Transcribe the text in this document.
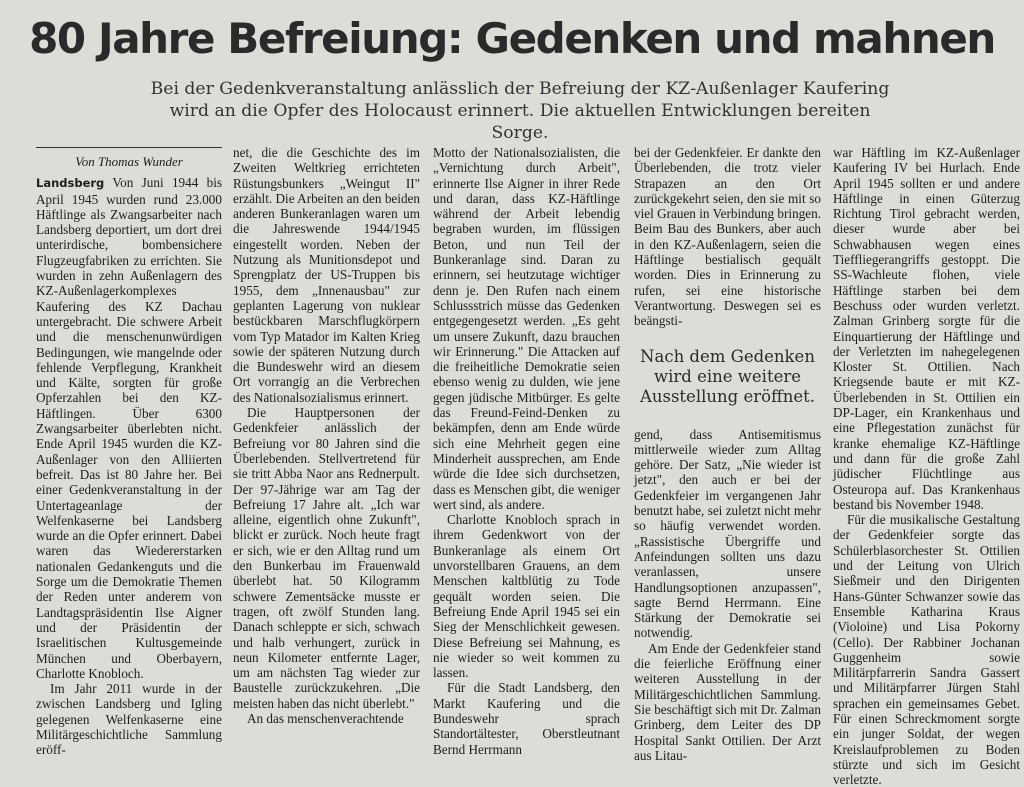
80 Jahre Befreiung: Gedenken und mahnen

Bei der Gedenkveranstaltung anlässlich der Befreiung der KZ-Außenlager Kaufering wird an die Opfer des Holocaust erinnert. Die aktuellen Entwicklungen bereiten Sorge.

Von Thomas Wunder

Landsberg Von Juni 1944 bis April 1945 wurden rund 23.000 Häftlinge als Zwangsarbeiter nach Landsberg deportiert, um dort drei unterirdische, bombensichere Flugzeugfabriken zu errichten. Sie wurden in zehn Außenlagern des KZ-Außenlagerkomplexes Kaufering des KZ Dachau untergebracht. Die schwere Arbeit und die menschenunwürdigen Bedingungen, wie mangelnde oder fehlende Verpflegung, Krankheit und Kälte, sorgten für große Opferzahlen bei den KZ-Häftlingen. Über 6300 Zwangsarbeiter überlebten nicht. Ende April 1945 wurden die KZ-Außenlager von den Alliierten befreit. Das ist 80 Jahre her. Bei einer Gedenkveranstaltung in der Untertageanlage der Welfenkaserne bei Landsberg wurde an die Opfer erinnert. Dabei waren das Wiedererstarken nationalen Gedankenguts und die Sorge um die Demokratie Themen der Reden unter anderem von Landtagspräsidentin Ilse Aigner und der Präsidentin der Israelitischen Kultusgemeinde München und Oberbayern, Charlotte Knobloch.

Im Jahr 2011 wurde in der zwischen Landsberg und Igling gelegenen Welfenkaserne eine Militärgeschichtliche Sammlung eröff-

net, die die Geschichte des im Zweiten Weltkrieg errichteten Rüstungsbunkers „Weingut II" erzählt. Die Arbeiten an den beiden anderen Bunkeranlagen waren um die Jahreswende 1944/1945 eingestellt worden. Neben der Nutzung als Munitionsdepot und Sprengplatz der US-Truppen bis 1955, dem „Innenausbau" zur geplanten Lagerung von nuklear bestückbaren Marschflugkörpern vom Typ Matador im Kalten Krieg sowie der späteren Nutzung durch die Bundeswehr wird an diesem Ort vorrangig an die Verbrechen des Nationalsozialismus erinnert.

Die Hauptpersonen der Gedenkfeier anlässlich der Befreiung vor 80 Jahren sind die Überlebenden. Stellvertretend für sie tritt Abba Naor ans Rednerpult. Der 97-Jährige war am Tag der Befreiung 17 Jahre alt. „Ich war alleine, eigentlich ohne Zukunft", blickt er zurück. Noch heute fragt er sich, wie er den Alltag rund um den Bunkerbau im Frauenwald überlebt hat. 50 Kilogramm schwere Zementsäcke musste er tragen, oft zwölf Stunden lang. Danach schleppte er sich, schwach und halb verhungert, zurück in neun Kilometer entfernte Lager, um am nächsten Tag wieder zur Baustelle zurückzukehren. „Die meisten haben das nicht überlebt."

An das menschenverachtende

Motto der Nationalsozialisten, die „Vernichtung durch Arbeit", erinnerte Ilse Aigner in ihrer Rede und daran, dass KZ-Häftlinge während der Arbeit lebendig begraben wurden, im flüssigen Beton, und nun Teil der Bunkeranlage sind. Daran zu erinnern, sei heutzutage wichtiger denn je. Den Rufen nach einem Schlussstrich müsse das Gedenken entgegengesetzt werden. „Es geht um unsere Zukunft, dazu brauchen wir Erinnerung." Die Attacken auf die freiheitliche Demokratie seien ebenso wenig zu dulden, wie jene gegen jüdische Mitbürger. Es gelte das Freund-Feind-Denken zu bekämpfen, denn am Ende würde sich eine Mehrheit gegen eine Minderheit aussprechen, am Ende würde die Idee sich durchsetzen, dass es Menschen gibt, die weniger wert sind, als andere.

Charlotte Knobloch sprach in ihrem Gedenkwort von der Bunkeranlage als einem Ort unvorstellbaren Grauens, an dem Menschen kaltblütig zu Tode gequält worden seien. Die Befreiung Ende April 1945 sei ein Sieg der Menschlichkeit gewesen. Diese Befreiung sei Mahnung, es nie wieder so weit kommen zu lassen.

Für die Stadt Landsberg, den Markt Kaufering und die Bundeswehr sprach Standortältester, Oberstleutnant Bernd Herrmann

bei der Gedenkfeier. Er dankte den Überlebenden, die trotz vieler Strapazen an den Ort zurückgekehrt seien, den sie mit so viel Grauen in Verbindung bringen. Beim Bau des Bunkers, aber auch in den KZ-Außenlagern, seien die Häftlinge bestialisch gequält worden. Dies in Erinnerung zu rufen, sei eine historische Verantwortung. Deswegen sei es beängsti-

Nach dem Gedenken wird eine weitere Ausstellung eröffnet.

gend, dass Antisemitismus mittlerweile wieder zum Alltag gehöre. Der Satz, „Nie wieder ist jetzt", den auch er bei der Gedenkfeier im vergangenen Jahr benutzt habe, sei zuletzt nicht mehr so häufig verwendet worden. „Rassistische Übergriffe und Anfeindungen sollten uns dazu veranlassen, unsere Handlungsoptionen anzupassen", sagte Bernd Herrmann. Eine Stärkung der Demokratie sei notwendig.

Am Ende der Gedenkfeier stand die feierliche Eröffnung einer weiteren Ausstellung in der Militärgeschichtlichen Sammlung. Sie beschäftigt sich mit Dr. Zalman Grinberg, dem Leiter des DP Hospital Sankt Ottilien. Der Arzt aus Litau-

war Häftling im KZ-Außenlager Kaufering IV bei Hurlach. Ende April 1945 sollten er und andere Häftlinge in einen Güterzug Richtung Tirol gebracht werden, dieser wurde aber bei Schwabhausen wegen eines Tieffliegerangriffs gestoppt. Die SS-Wachleute flohen, viele Häftlinge starben bei dem Beschuss oder wurden verletzt. Zalman Grinberg sorgte für die Einquartierung der Häftlinge und der Verletzten im nahegelegenen Kloster St. Ottilien. Nach Kriegsende baute er mit KZ-Überlebenden in St. Ottilien ein DP-Lager, ein Krankenhaus und eine Pflegestation zunächst für kranke ehemalige KZ-Häftlinge und dann für die große Zahl jüdischer Flüchtlinge aus Osteuropa auf. Das Krankenhaus bestand bis November 1948.

Für die musikalische Gestaltung der Gedenkfeier sorgte das Schülerblasorchester St. Ottilien und der Leitung von Ulrich Sießmeir und den Dirigenten Hans-Günter Schwanzer sowie das Ensemble Katharina Kraus (Violoine) und Lisa Pokorny (Cello). Der Rabbiner Jochanan Guggenheim sowie Militärpfarrerin Sandra Gassert und Militärpfarrer Jürgen Stahl sprachen ein gemeinsames Gebet. Für einen Schreckmoment sorgte ein junger Soldat, der wegen Kreislaufproblemen zu Boden stürzte und sich im Gesicht verletzte.
